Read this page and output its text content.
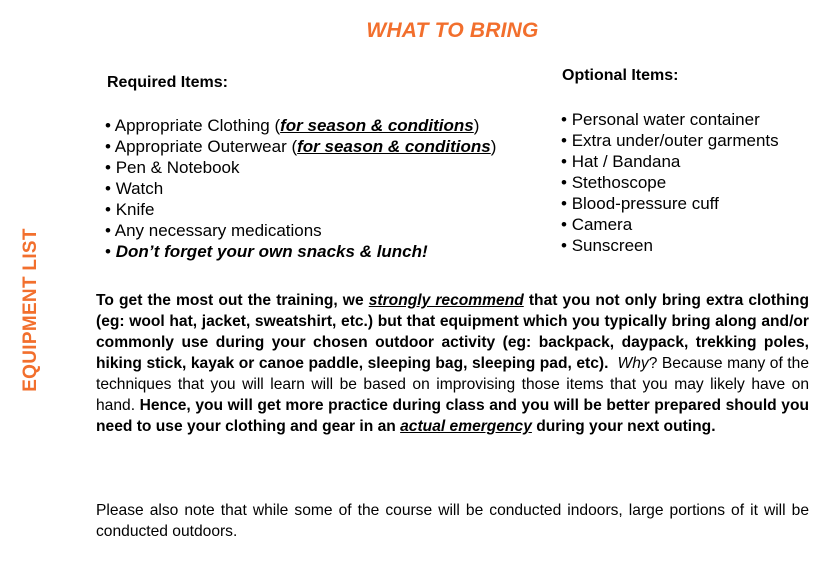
WHAT TO BRING
EQUIPMENT LIST
Required Items:
• Appropriate Clothing (for season & conditions)
• Appropriate Outerwear (for season & conditions)
• Pen & Notebook
• Watch
• Knife
• Any necessary medications
• Don’t forget your own snacks & lunch!
Optional Items:
• Personal water container
• Extra under/outer garments
• Hat / Bandana
• Stethoscope
• Blood-pressure cuff
• Camera
• Sunscreen

To get the most out the training, we strongly recommend that you not only bring extra clothing (eg: wool hat, jacket, sweatshirt, etc.) but that equipment which you typically bring along and/or commonly use during your chosen outdoor activity (eg: backpack, daypack, trekking poles, hiking stick, kayak or canoe paddle, sleeping bag, sleeping pad, etc). Why? Because many of the techniques that you will learn will be based on improvising those items that you may likely have on hand. Hence, you will get more practice during class and you will be better prepared should you need to use your clothing and gear in an actual emergency during your next outing.

Please also note that while some of the course will be conducted indoors, large portions of it will be conducted outdoors.
